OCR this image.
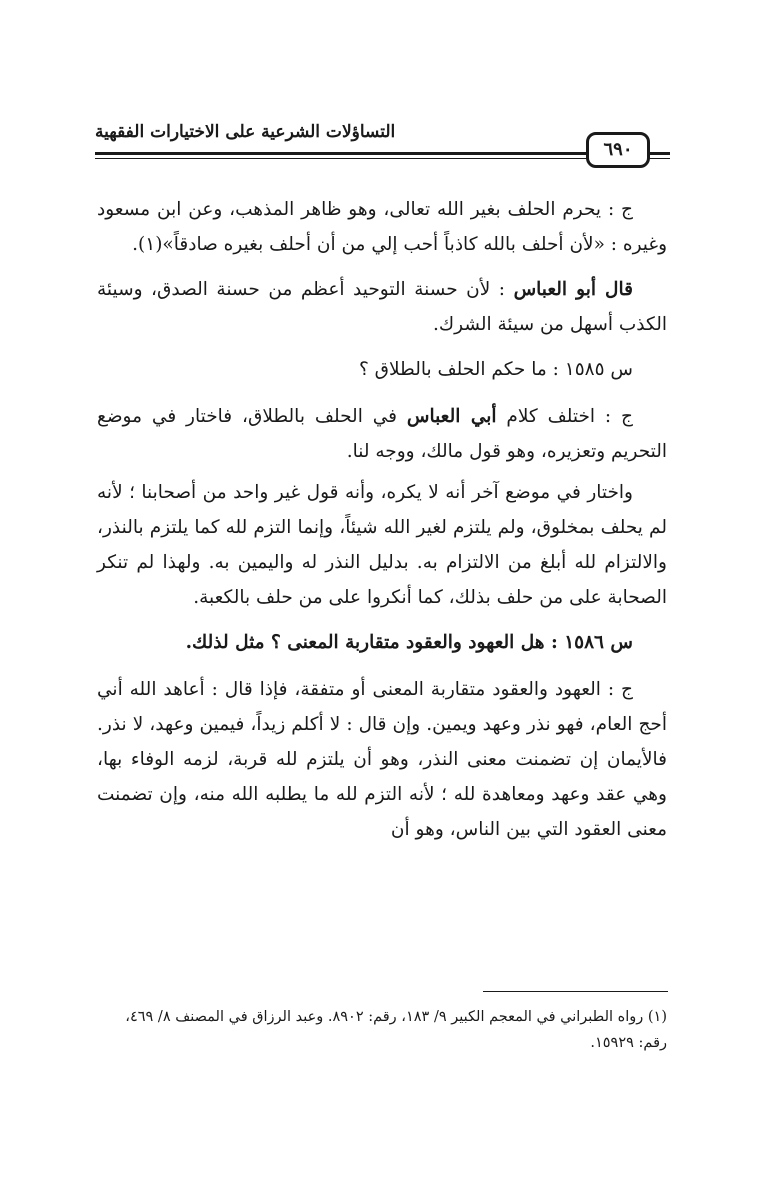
التساؤلات الشرعية على الاختيارات الفقهية
٦٩٠

ج : يحرم الحلف بغير الله تعالى، وهو ظاهر المذهب، وعن ابن مسعود وغيره : «لأن أحلف بالله كاذباً أحب إلي من أن أحلف بغيره صادقاً»(١).

قال أبو العباس : لأن حسنة التوحيد أعظم من حسنة الصدق، وسيئة الكذب أسهل من سيئة الشرك.

س ١٥٨٥ : ما حكم الحلف بالطلاق ؟

ج : اختلف كلام أبي العباس في الحلف بالطلاق، فاختار في موضع التحريم وتعزيره، وهو قول مالك، ووجه لنا.

واختار في موضع آخر أنه لا يكره، وأنه قول غير واحد من أصحابنا ؛ لأنه لم يحلف بمخلوق، ولم يلتزم لغير الله شيئاً، وإنما التزم لله كما يلتزم بالنذر، والالتزام لله أبلغ من الالتزام به. بدليل النذر له واليمين به. ولهذا لم تنكر الصحابة على من حلف بذلك، كما أنكروا على من حلف بالكعبة.

س ١٥٨٦ : هل العهود والعقود متقاربة المعنى ؟ مثل لذلك.

ج : العهود والعقود متقاربة المعنى أو متفقة، فإذا قال : أعاهد الله أني أحج العام، فهو نذر وعهد ويمين. وإن قال : لا أكلم زيداً، فيمين وعهد، لا نذر. فالأيمان إن تضمنت معنى النذر، وهو أن يلتزم لله قربة، لزمه الوفاء بها، وهي عقد وعهد ومعاهدة لله ؛ لأنه التزم لله ما يطلبه الله منه، وإن تضمنت معنى العقود التي بين الناس، وهو أن

(١) رواه الطبراني في المعجم الكبير ٩/ ١٨٣، رقم: ٨٩٠٢. وعبد الرزاق في المصنف ٨/ ٤٦٩، رقم: ١٥٩٢٩.
